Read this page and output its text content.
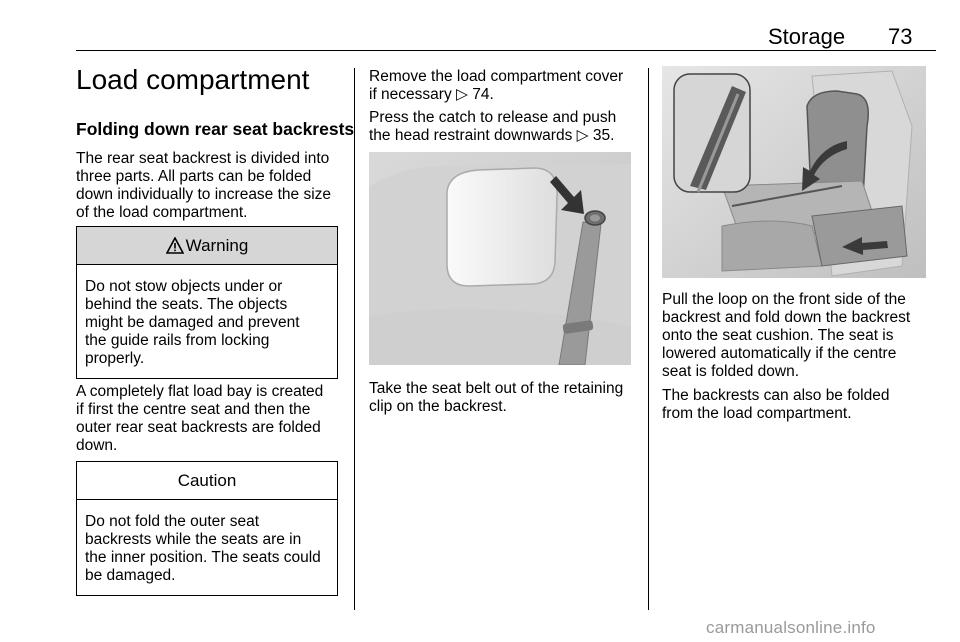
Storage 73
Load compartment
Folding down rear seat backrests
The rear seat backrest is divided into
three parts. All parts can be folded
down individually to increase the size
of the load compartment.
Warning
Do not stow objects under or
behind the seats. The objects
might be damaged and prevent
the guide rails from locking
properly.
A completely flat load bay is created
if first the centre seat and then the
outer rear seat backrests are folded
down.
Caution
Do not fold the outer seat
backrests while the seats are in
the inner position. The seats could
be damaged.
Remove the load compartment cover
if necessary ▷ 74.
Press the catch to release and push
the head restraint downwards ▷ 35.
Take the seat belt out of the retaining
clip on the backrest.
Pull the loop on the front side of the
backrest and fold down the backrest
onto the seat cushion. The seat is
lowered automatically if the centre
seat is folded down.
The backrests can also be folded
from the load compartment.
carmanualsonline.info
